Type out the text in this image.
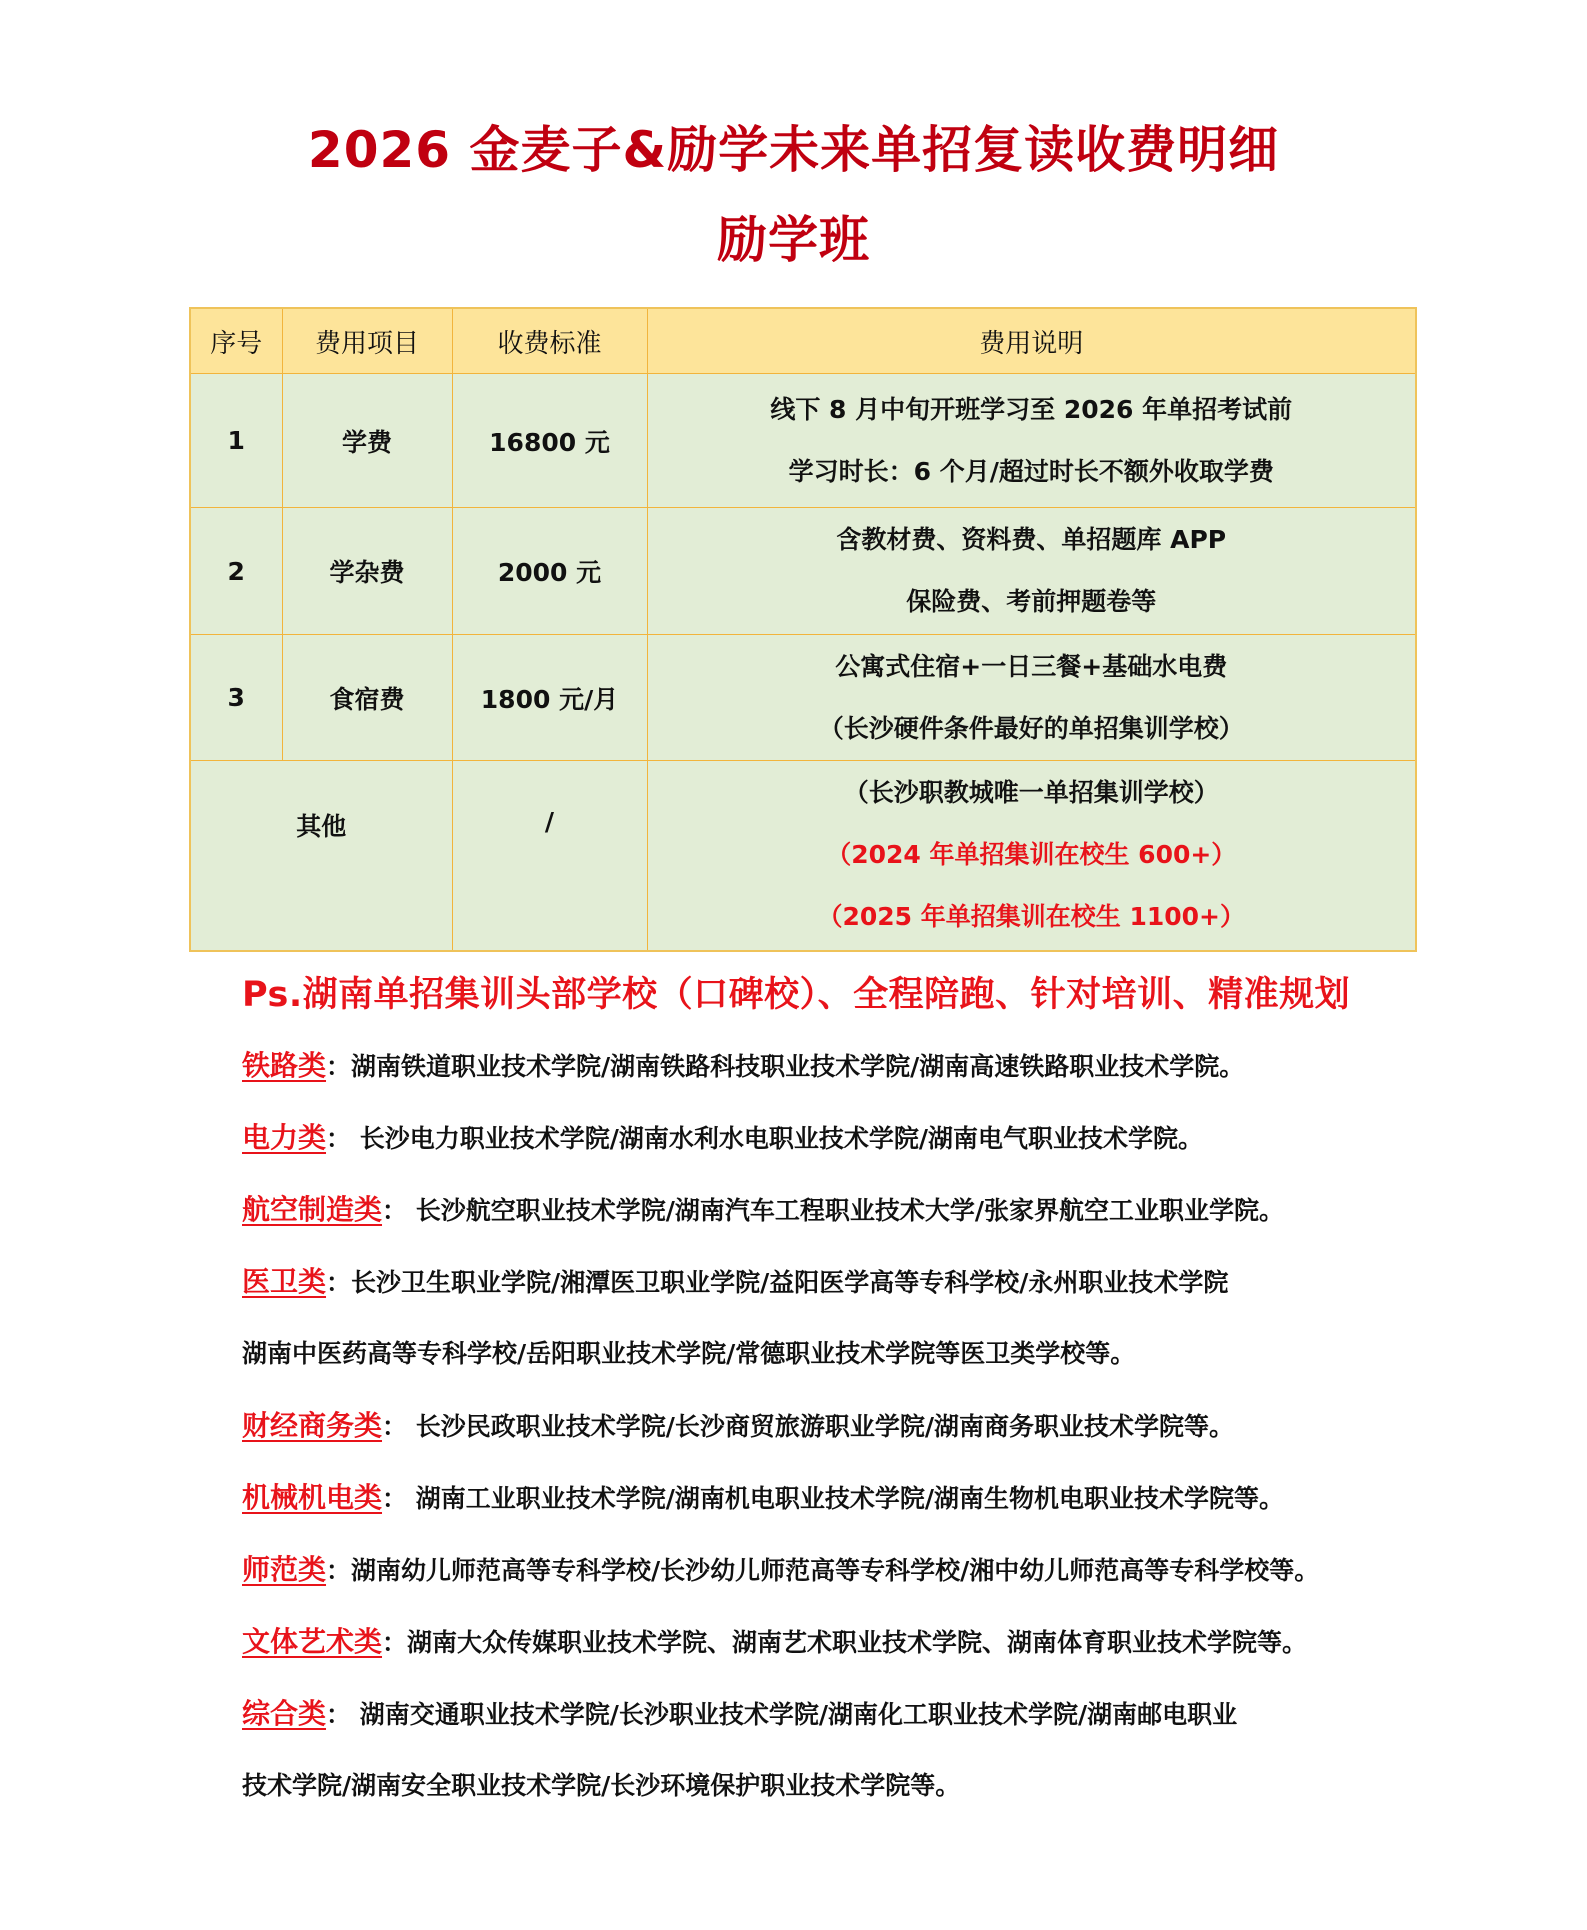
2026 金麦子&励学未来单招复读收费明细
励学班
序号	费用项目	收费标准	费用说明
1	学费	16800 元	线下 8 月中旬开班学习至 2026 年单招考试前
学习时长：6 个月/超过时长不额外收取学费

2	学杂费	2000 元	含教材费、资料费、单招题库 APP
保险费、考前押题卷等

3	食宿费	1800 元/月	公寓式住宿+一日三餐+基础水电费
（长沙硬件条件最好的单招集训学校）

其他		/	（长沙职教城唯一单招集训学校）
（2024 年单招集训在校生 600+）
（2025 年单招集训在校生 1100+）
Ps.湖南单招集训头部学校（口碑校）、全程陪跑、针对培训、精准规划
铁路类：湖南铁道职业技术学院/湖南铁路科技职业技术学院/湖南高速铁路职业技术学院。
电力类： 长沙电力职业技术学院/湖南水利水电职业技术学院/湖南电气职业技术学院。
航空制造类： 长沙航空职业技术学院/湖南汽车工程职业技术大学/张家界航空工业职业学院。
医卫类：长沙卫生职业学院/湘潭医卫职业学院/益阳医学高等专科学校/永州职业技术学院
湖南中医药高等专科学校/岳阳职业技术学院/常德职业技术学院等医卫类学校等。
财经商务类： 长沙民政职业技术学院/长沙商贸旅游职业学院/湖南商务职业技术学院等。
机械机电类： 湖南工业职业技术学院/湖南机电职业技术学院/湖南生物机电职业技术学院等。
师范类：湖南幼儿师范高等专科学校/长沙幼儿师范高等专科学校/湘中幼儿师范高等专科学校等。
文体艺术类：湖南大众传媒职业技术学院、湖南艺术职业技术学院、湖南体育职业技术学院等。
综合类： 湖南交通职业技术学院/长沙职业技术学院/湖南化工职业技术学院/湖南邮电职业
技术学院/湖南安全职业技术学院/长沙环境保护职业技术学院等。
